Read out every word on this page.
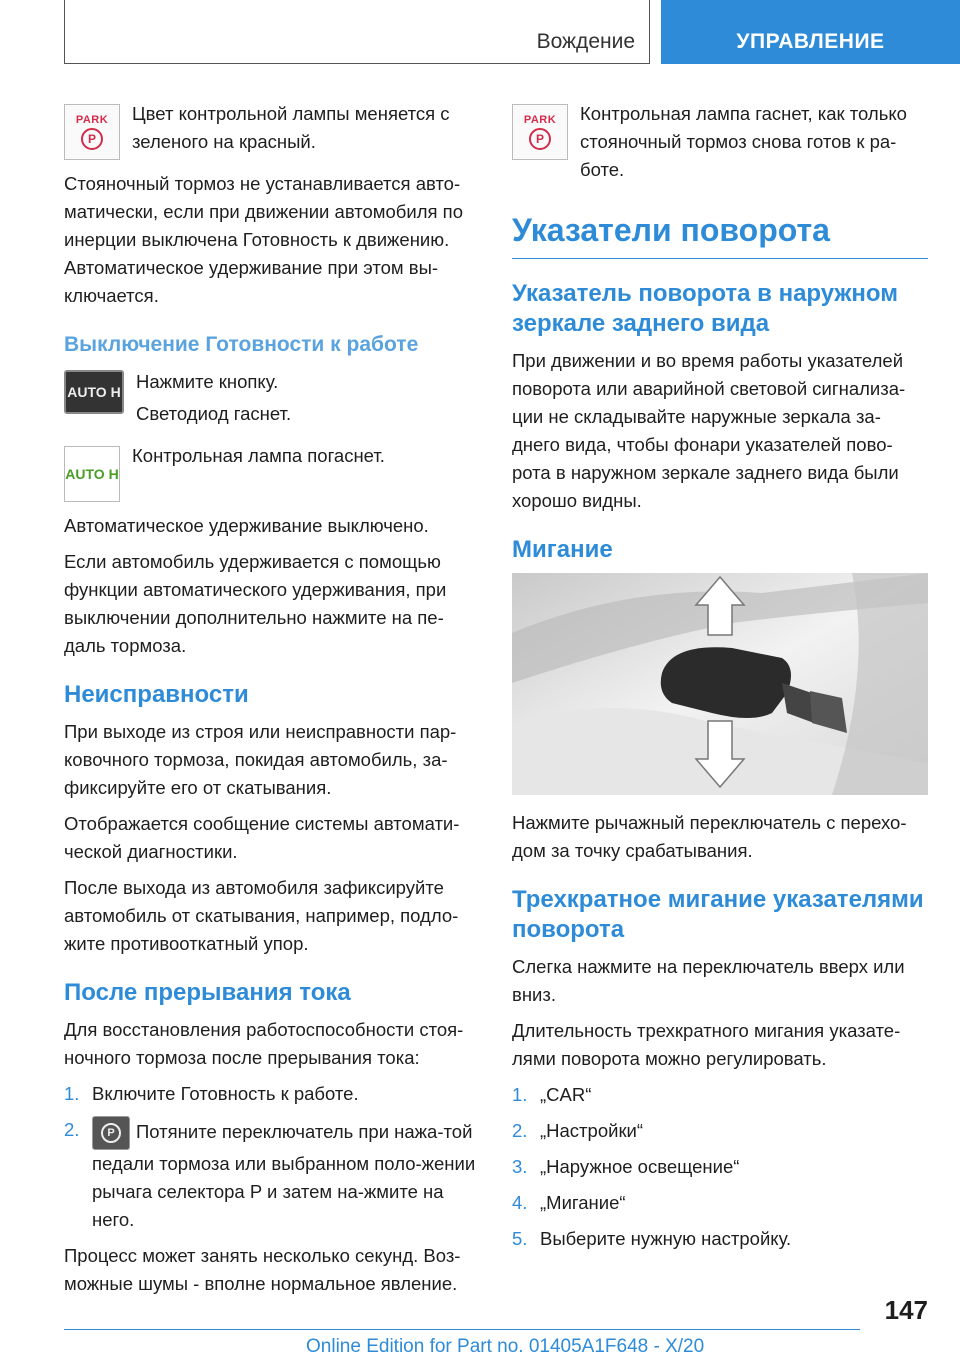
Вождение	УПРАВЛЕНИЕ
PARK
P

Цвет контрольной лампы меняется с зеленого на красный.

Стояночный тормоз не устанавливается авто-матически, если при движении автомобиля по инерции выключена Готовность к движению. Автоматическое удерживание при этом вы-ключается.

Выключение Готовности к работе
AUTO H Нажмите кнопку.

Светодиод гаснет.

AUTO H

Контрольная лампа погаснет.

Автоматическое удерживание выключено.

Если автомобиль удерживается с помощью функции автоматического удерживания, при выключении дополнительно нажмите на пе-даль тормоза.

Неисправности

При выходе из строя или неисправности пар-ковочного тормоза, покидая автомобиль, за-фиксируйте его от скатывания.

Отображается сообщение системы автомати-ческой диагностики.

После выхода из автомобиля зафиксируйте автомобиль от скатывания, например, подло-жите противооткатный упор.

После прерывания тока

Для восстановления работоспособности стоя-ночного тормоза после прерывания тока:

1. Включите Готовность к работе.
2.	P	Потяните переключатель при нажа-той педали тормоза или выбранном поло-жении рычага селектора P и затем на-жмите на него.

Процесс может занять несколько секунд. Воз-можные шумы - вполне нормальное явление.

PARK
P

Контрольная лампа гаснет, как только стояночный тормоз снова готов к ра-боте.

Указатели поворота
Указатель поворота в наружном зеркале заднего вида

При движении и во время работы указателей поворота или аварийной световой сигнализа-ции не складывайте наружные зеркала за-днего вида, чтобы фонари указателей пово-рота в наружном зеркале заднего вида были хорошо видны.

Мигание

Нажмите рычажный переключатель с перехо-дом за точку срабатывания.

Трехкратное мигание указателями поворота

Слегка нажмите на переключатель вверх или вниз.

Длительность трехкратного мигания указате-лями поворота можно регулировать.

1. „CAR“
2. „Настройки“
3. „Наружное освещение“
4. „Мигание“
5. Выберите нужную настройку.
147
Online Edition for Part no. 01405A1F648 - X/20
